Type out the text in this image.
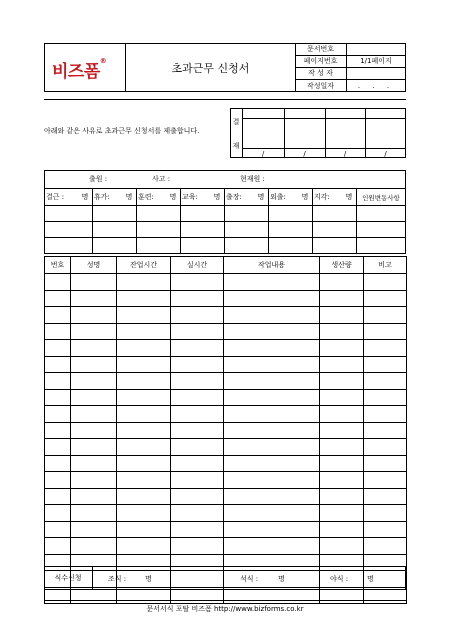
비즈폼®
초과근무 신청서
문서번호
페이지번호	1/1페이지
작 성 자
작성일자	. . .
아래와 같은 사유로 초과근무 신청서를 제출합니다.
결
재
/	/	/	/
출원 :	사고 :	현재원 :
결근 :	명 휴가:	명 훈련:	명 교육:	명 출장:	명 외출:	명 지각:	명	인원변동사항
번호	성명	잔업시간	실시간	작업내용	생산량	비고

식수신청	조식 :	명	석식 :	명	야식 :	명
문서서식 포탈 비즈폼 http://www.bizforms.co.kr
